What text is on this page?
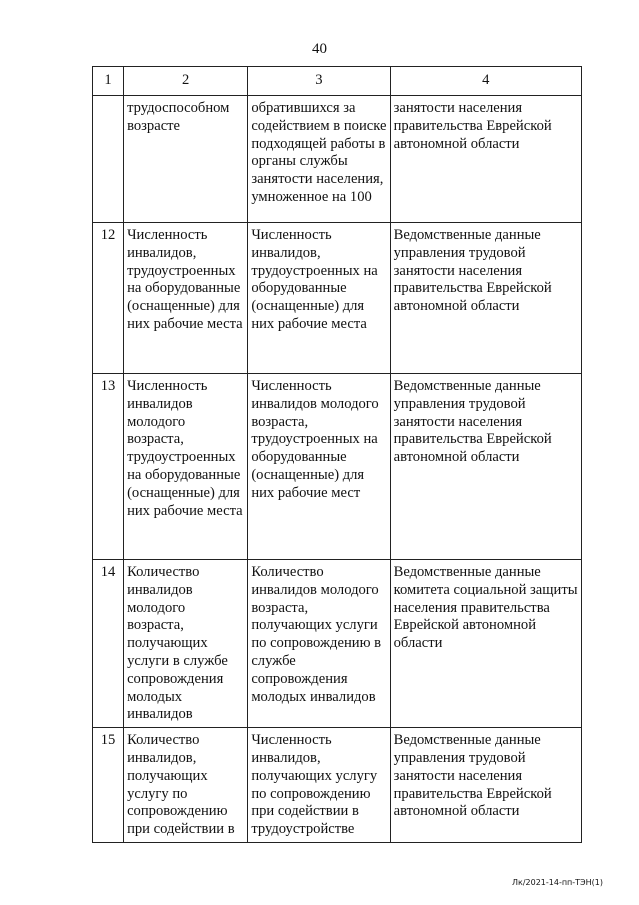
40
1	2	3	4
	трудоспособном возрасте	обратившихся за содействием в поиске подходящей работы в органы службы занятости населения, умноженное на 100	занятости населения правительства Еврейской автономной области
12	Численность инвалидов, трудоустроенных на оборудованные (оснащенные) для них рабочие места	Численность инвалидов, трудоустроенных на оборудованные (оснащенные) для них рабочие места	Ведомственные данные управления трудовой занятости населения правительства Еврейской автономной области
13	Численность инвалидов молодого возраста, трудоустроенных на оборудованные (оснащенные) для них рабочие места	Численность инвалидов молодого возраста, трудоустроенных на оборудованные (оснащенные) для них рабочие мест	Ведомственные данные управления трудовой занятости населения правительства Еврейской автономной области
14	Количество инвалидов молодого возраста, получающих услуги в службе сопровождения молодых инвалидов	Количество инвалидов молодого возраста, получающих услуги по сопровождению в службе сопровождения молодых инвалидов	Ведомственные данные комитета социальной защиты населения правительства Еврейской автономной области
15	Количество инвалидов, получающих услугу по сопровождению при содействии в	Численность инвалидов, получающих услугу по сопровождению при содействии в трудоустройстве	Ведомственные данные управления трудовой занятости населения правительства Еврейской автономной области
Лк/2021-14-пп-ТЭН(1)
